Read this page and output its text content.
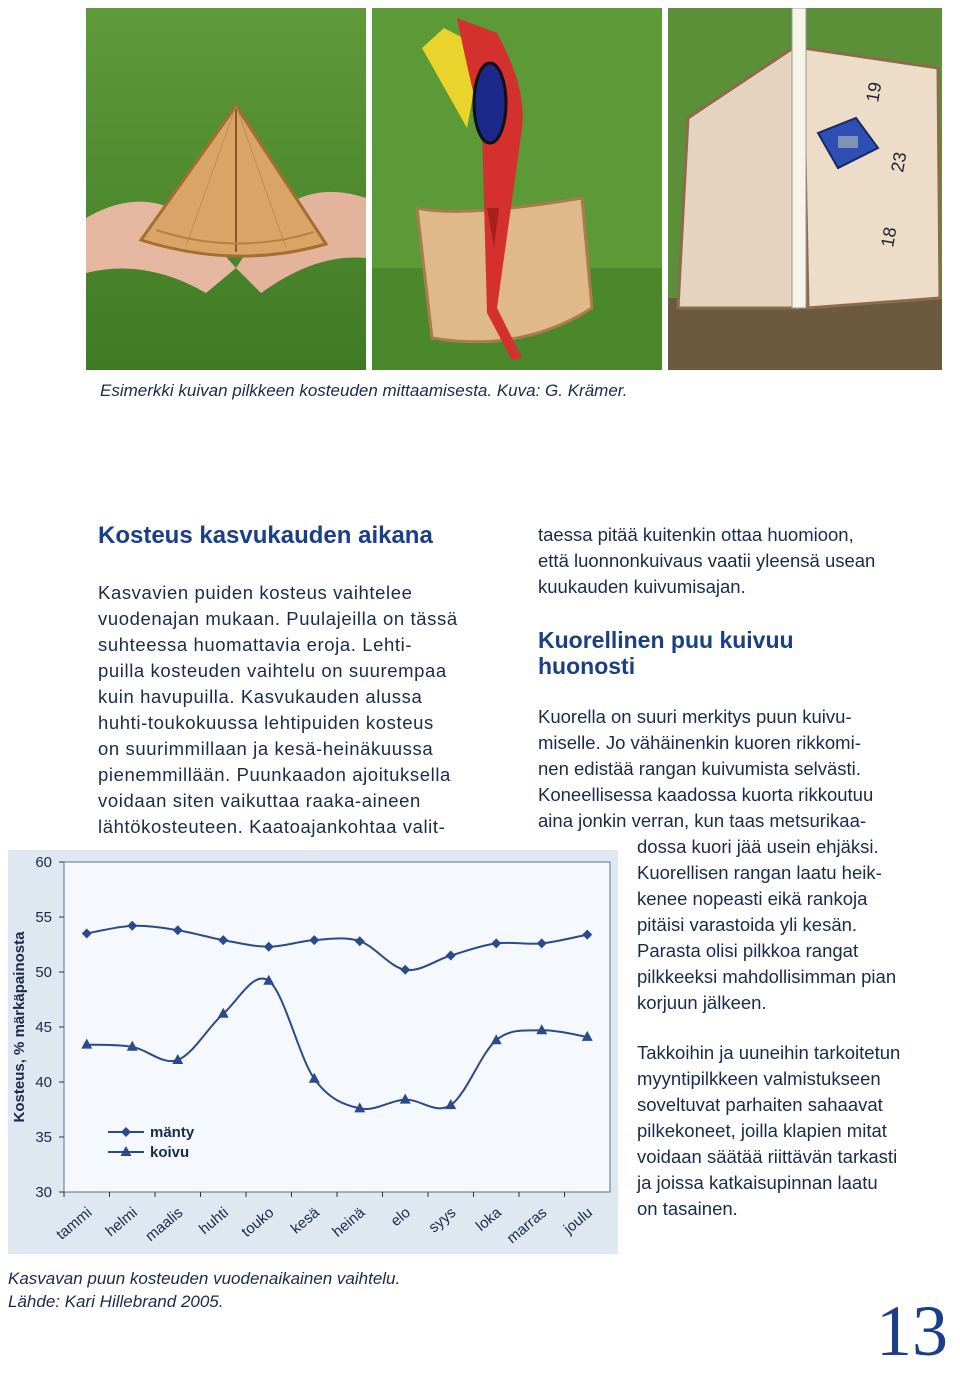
19
23
18
Esimerkki kuivan pilkkeen kosteuden mittaamisesta. Kuva: G. Krämer.
Kosteus kasvukauden aikana

Kasvavien puiden kosteus vaihtelee

vuodenajan mukaan. Puulajeilla on tässä

suhteessa huomattavia eroja. Lehti-

puilla kosteuden vaihtelu on suurempaa

kuin havupuilla. Kasvukauden alussa

huhti-toukokuussa lehtipuiden kosteus

on suurimmillaan ja kesä-heinäkuussa

pienemmillään. Puunkaadon ajoituksella

voidaan siten vaikuttaa raaka-aineen

lähtökosteuteen. Kaatoajankohtaa valit-

taessa pitää kuitenkin ottaa huomioon,

että luonnonkuivaus vaatii yleensä usean

kuukauden kuivumisajan.

Kuorellinen puu kuivuu
huonosti

Kuorella on suuri merkitys puun kuivu-

miselle. Jo vähäinenkin kuoren rikkomi-

nen edistää rangan kuivumista selvästi.

Koneellisessa kaadossa kuorta rikkoutuu

aina jonkin verran, kun taas metsurikaa-

dossa kuori jää usein ehjäksi.

Kuorellisen rangan laatu heik-

kenee nopeasti eikä rankoja

pitäisi varastoida yli kesän.

Parasta olisi pilkkoa rangat

pilkkeeksi mahdollisimman pian

korjuun jälkeen.

Takkoihin ja uuneihin tarkoitetun

myyntipilkkeen valmistukseen

soveltuvat parhaiten sahaavat

pilkekoneet, joilla klapien mitat

voidaan säätää riittävän tarkasti

ja joissa katkaisupinnan laatu

on tasainen.

30
35
40
45
50
55
60
tammi helmi maalis huhti touko kesä heinä elo syys loka
marras joulu
Kosteus, % märkäpainosta
mänty
koivu
Kasvavan puun kosteuden vuodenaikainen vaihtelu.
Lähde: Kari Hillebrand 2005.	13
